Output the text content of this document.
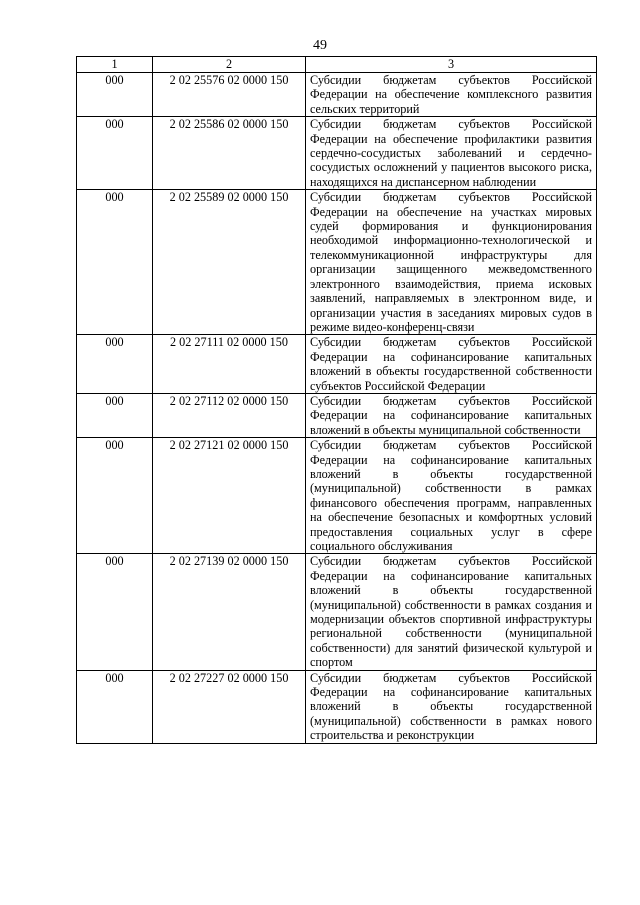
49
1	2	3
000	2 02 25576 02 0000 150	Субсидии бюджетам субъектов Российской Федерации на обеспечение комплексного развития сельских территорий
000	2 02 25586 02 0000 150	Субсидии бюджетам субъектов Российской Федерации на обеспечение профилактики развития сердечно-сосудистых заболеваний и сердечно-сосудистых осложнений у пациентов высокого риска, находящихся на диспансерном наблюдении
000	2 02 25589 02 0000 150	Субсидии бюджетам субъектов Российской Федерации на обеспечение на участках мировых судей формирования и функционирования необходимой информационно-технологической и телекоммуникационной инфраструктуры для организации защищенного межведомственного электронного взаимодействия, приема исковых заявлений, направляемых в электронном виде, и организации участия в заседаниях мировых судов в режиме видео-конференц-связи
000	2 02 27111 02 0000 150	Субсидии бюджетам субъектов Российской Федерации на софинансирование капитальных вложений в объекты государственной собственности субъектов Российской Федерации
000	2 02 27112 02 0000 150	Субсидии бюджетам субъектов Российской Федерации на софинансирование капитальных вложений в объекты муниципальной собственности
000	2 02 27121 02 0000 150	Субсидии бюджетам субъектов Российской Федерации на софинансирование капитальных вложений в объекты государственной (муниципальной) собственности в рамках финансового обеспечения программ, направленных на обеспечение безопасных и комфортных условий предоставления социальных услуг в сфере социального обслуживания
000	2 02 27139 02 0000 150	Субсидии бюджетам субъектов Российской Федерации на софинансирование капитальных вложений в объекты государственной (муниципальной) собственности в рамках создания и модернизации объектов спортивной инфраструктуры региональной собственности (муниципальной собственности) для занятий физической культурой и спортом
000	2 02 27227 02 0000 150	Субсидии бюджетам субъектов Российской Федерации на софинансирование капитальных вложений в объекты государственной (муниципальной) собственности в рамках нового строительства и реконструкции
